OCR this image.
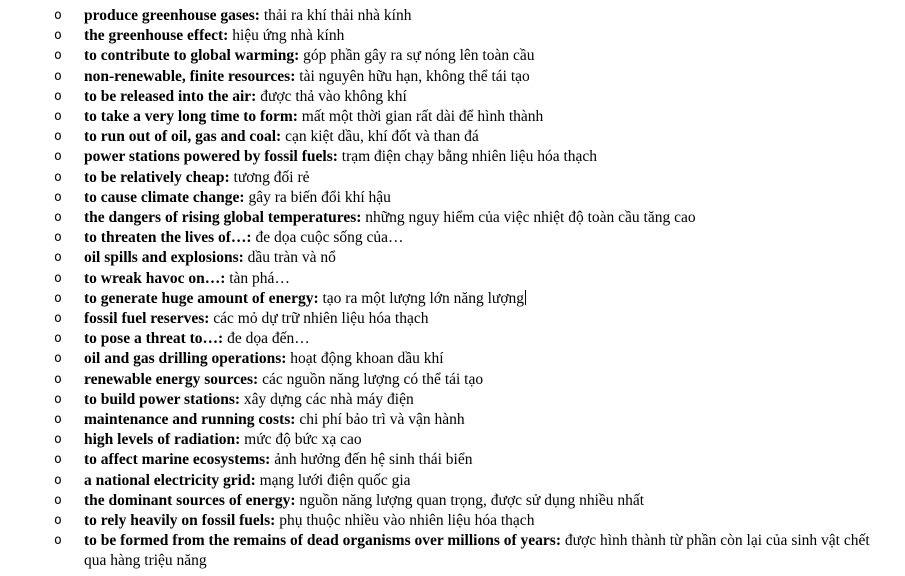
o produce greenhouse gases: thải ra khí thải nhà kính
o the greenhouse effect: hiệu ứng nhà kính
o to contribute to global warming: góp phần gây ra sự nóng lên toàn cầu
o non-renewable, finite resources: tài nguyên hữu hạn, không thể tái tạo
o to be released into the air: được thả vào không khí
o to take a very long time to form: mất một thời gian rất dài để hình thành
o to run out of oil, gas and coal: cạn kiệt dầu, khí đốt và than đá
o power stations powered by fossil fuels: trạm điện chạy bằng nhiên liệu hóa thạch
o to be relatively cheap: tương đối rẻ
o to cause climate change: gây ra biến đổi khí hậu
o the dangers of rising global temperatures: những nguy hiểm của việc nhiệt độ toàn cầu tăng cao
o to threaten the lives of…: đe dọa cuộc sống của…
o oil spills and explosions: dầu tràn và nổ
o to wreak havoc on…: tàn phá…
o to generate huge amount of energy: tạo ra một lượng lớn năng lượng
o fossil fuel reserves: các mỏ dự trữ nhiên liệu hóa thạch
o to pose a threat to…: đe dọa đến…
o oil and gas drilling operations: hoạt động khoan dầu khí
o renewable energy sources: các nguồn năng lượng có thể tái tạo
o to build power stations: xây dựng các nhà máy điện
o maintenance and running costs: chi phí bảo trì và vận hành
o high levels of radiation: mức độ bức xạ cao
o to affect marine ecosystems: ảnh hưởng đến hệ sinh thái biển
o a national electricity grid: mạng lưới điện quốc gia
o the dominant sources of energy: nguồn năng lượng quan trọng, được sử dụng nhiều nhất
o to rely heavily on fossil fuels: phụ thuộc nhiều vào nhiên liệu hóa thạch
o to be formed from the remains of dead organisms over millions of years: được hình thành từ phần còn lại của sinh vật chết qua hàng triệu năng
